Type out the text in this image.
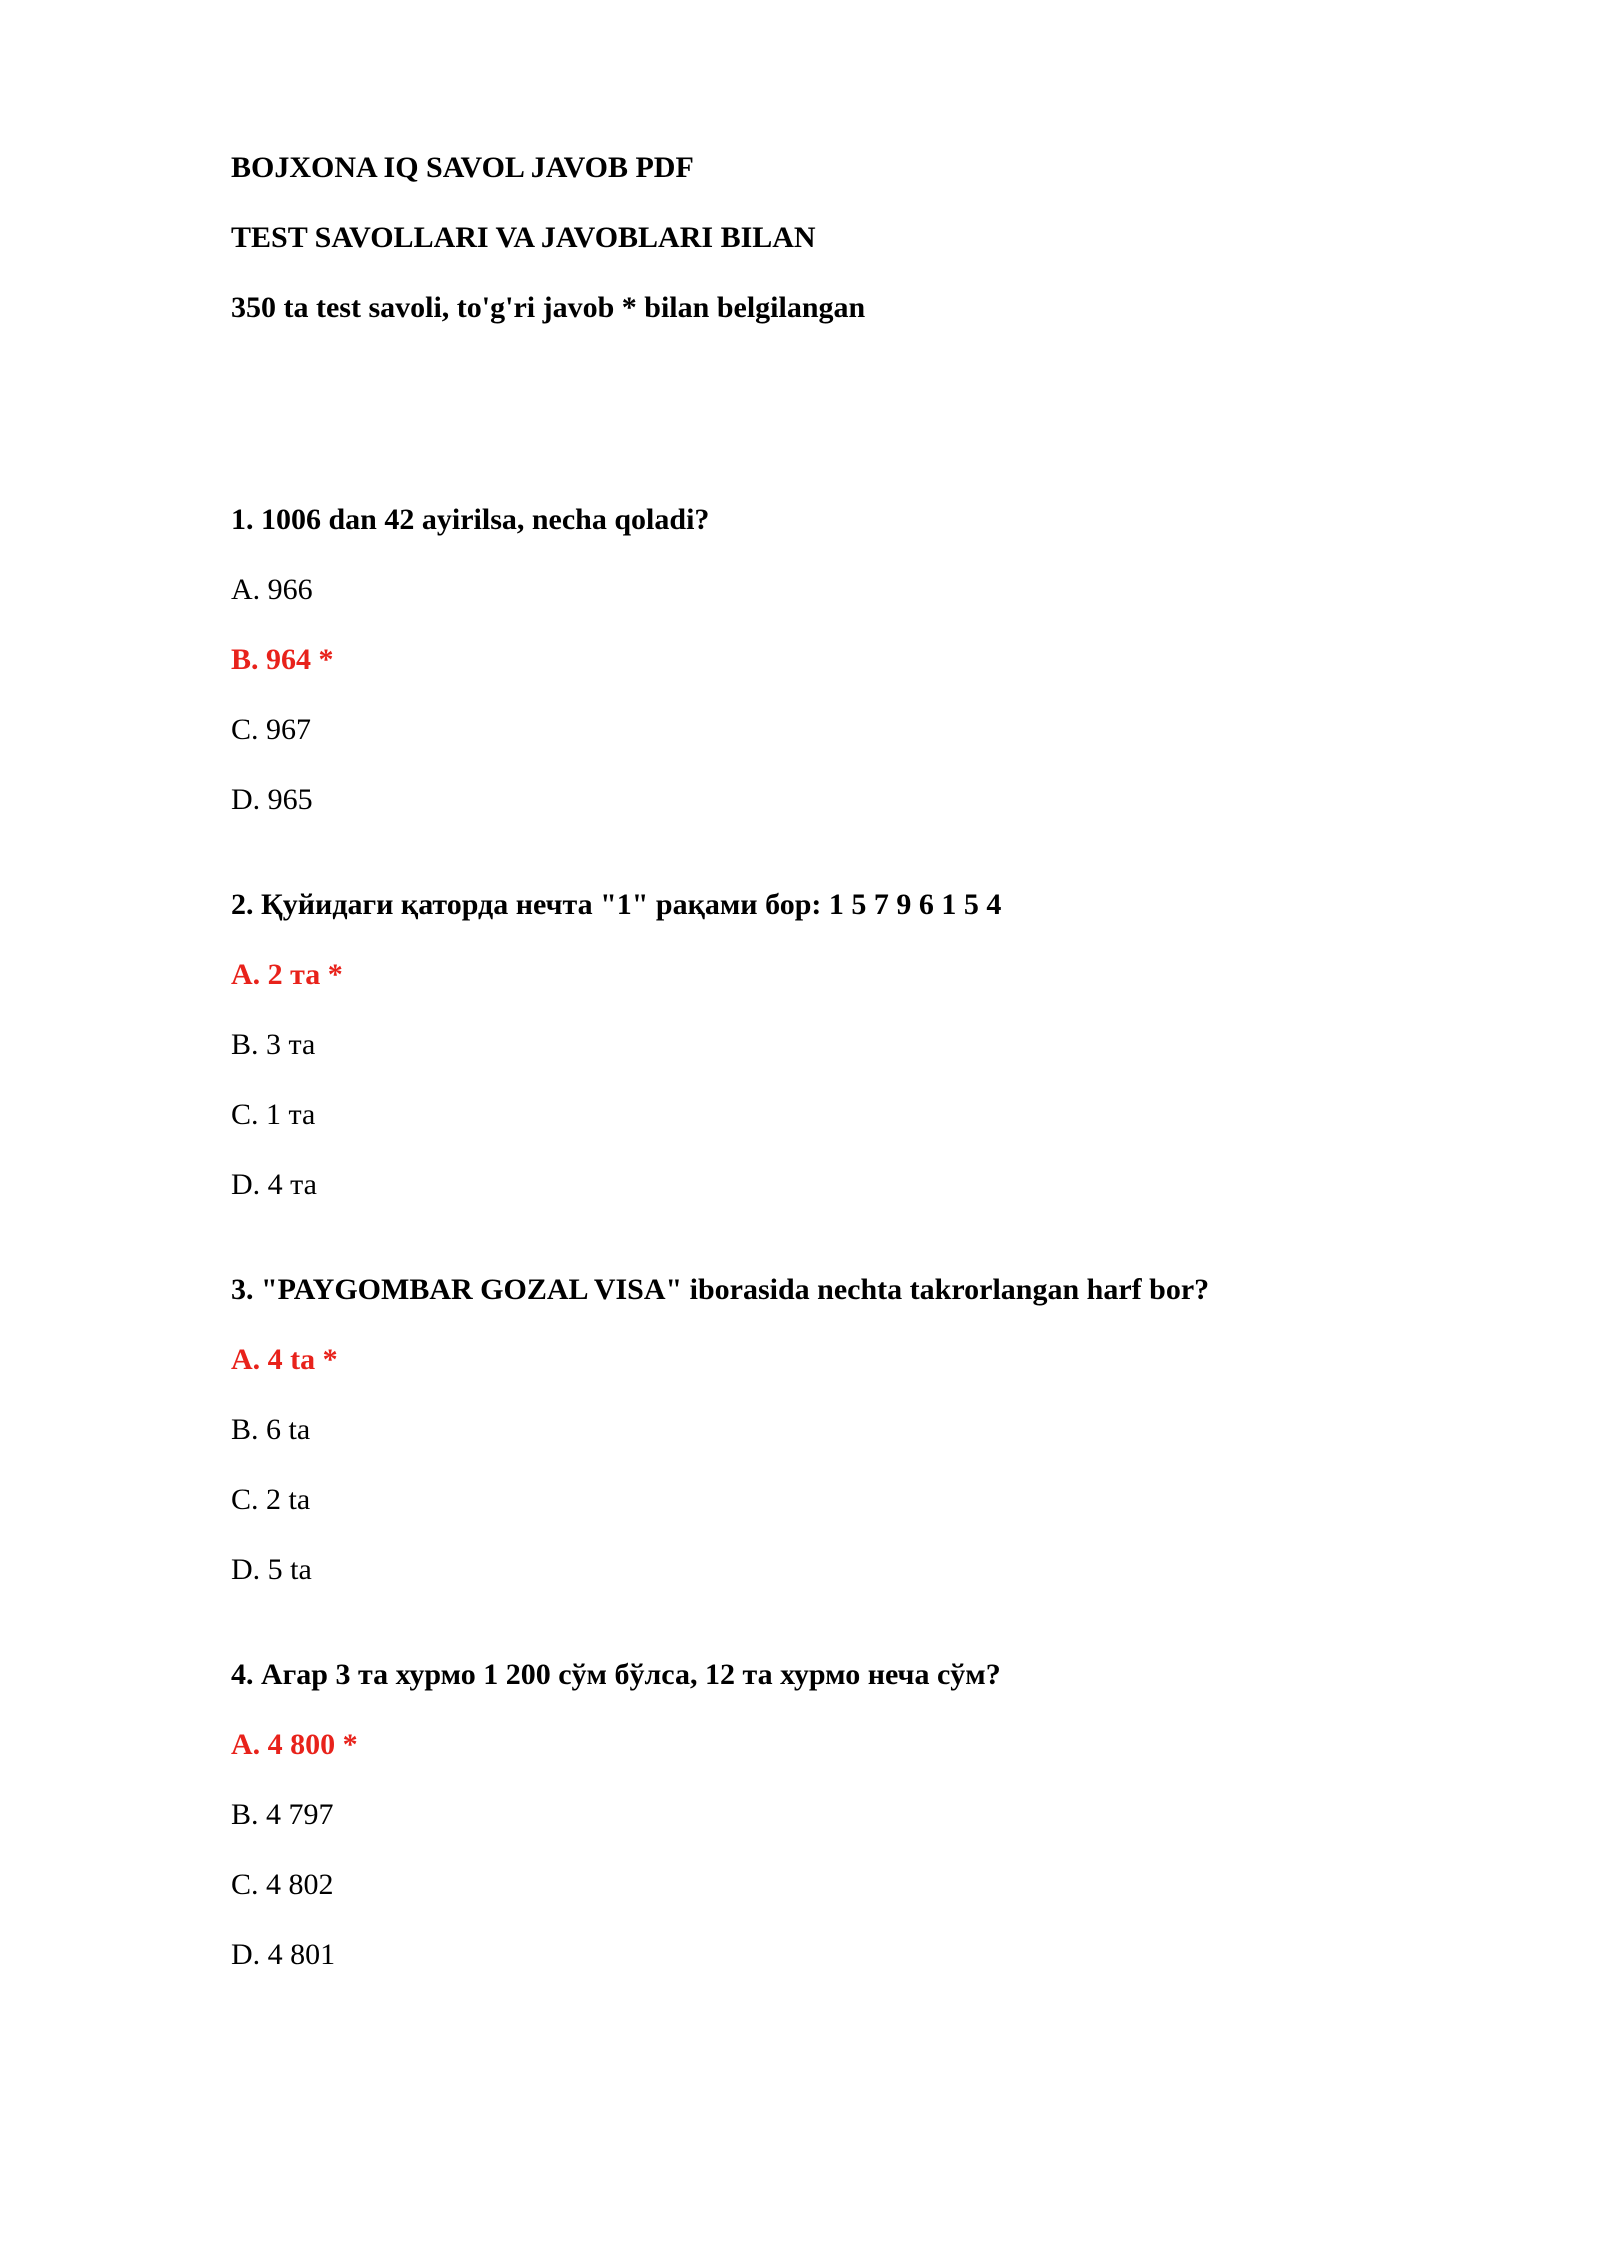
BOJXONA IQ SAVOL JAVOB PDF
TEST SAVOLLARI VA JAVOBLARI BILAN
350 ta test savoli, to'g'ri javob * bilan belgilangan
1. 1006 dan 42 ayirilsa, necha qoladi?
A. 966
B. 964 *
C. 967
D. 965
2. Қуйидаги қаторда нечта "1" рақами бор: 1 5 7 9 6 1 5 4
A. 2 та *
B. 3 та
C. 1 та
D. 4 та
3. "PAYGOMBAR GOZAL VISA" iborasida nechta takrorlangan harf bor?
A. 4 ta *
B. 6 ta
C. 2 ta
D. 5 ta
4. Агар 3 та хурмо 1 200 сўм бўлса, 12 та хурмо неча сўм?
A. 4 800 *
B. 4 797
C. 4 802
D. 4 801
